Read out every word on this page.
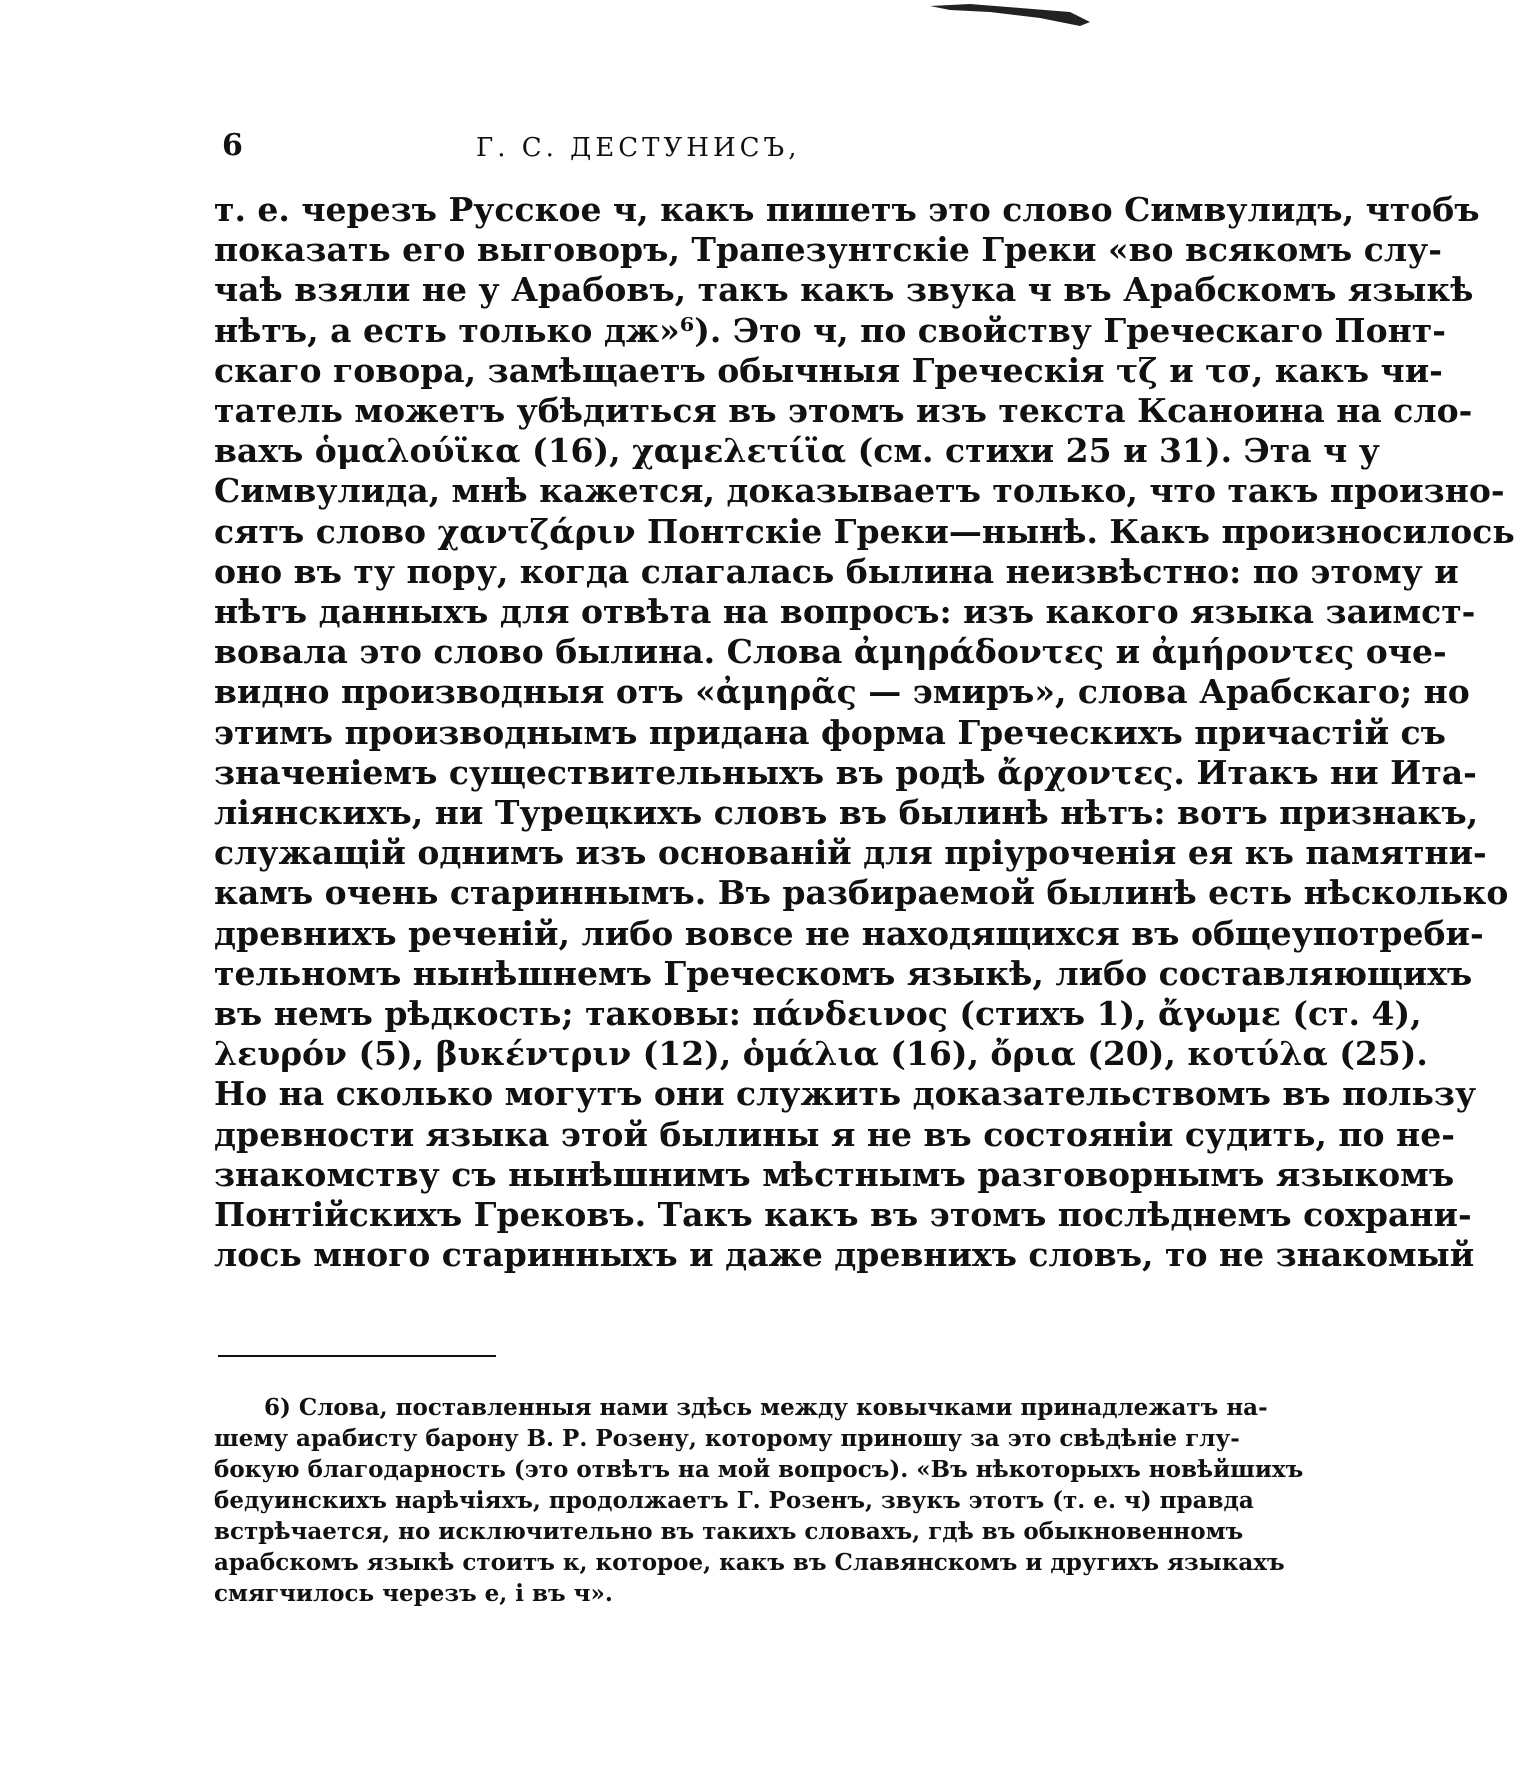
6	Г. С. ДЕСТУНИСЪ,
т. е. черезъ Русское ч, какъ пишетъ это слово Симвулидъ, чтобъ
показать его выговоръ, Трапезунтскіе Греки «во всякомъ слу-
чаѣ взяли не у Арабовъ, такъ какъ звука ч въ Арабскомъ языкѣ
нѣтъ, а есть только дж»⁶). Это ч, по свойству Греческаго Понт-
скаго говора, замѣщаетъ обычныя Греческія τζ и τσ, какъ чи-
татель можетъ убѣдиться въ этомъ изъ текста Ксаноина на сло-
вахъ ὁμαλούϊκα (16), χαμελετίϊα (см. стихи 25 и 31). Эта ч у
Симвулида, мнѣ кажется, доказываетъ только, что такъ произно-
сятъ слово χαντζάριν Понтскіе Греки—нынѣ. Какъ произносилось
оно въ ту пору, когда слагалась былина неизвѣстно: по этому и
нѣтъ данныхъ для отвѣта на вопросъ: изъ какого языка заимст-
вовала это слово былина. Слова ἀμηράδοντες и ἀμήροντες оче-
видно производныя отъ «ἀμηρᾶς — эмиръ», слова Арабскаго; но
этимъ производнымъ придана форма Греческихъ причастій съ
значеніемъ существительныхъ въ родѣ ἄρχοντες. Итакъ ни Ита-
ліянскихъ, ни Турецкихъ словъ въ былинѣ нѣтъ: вотъ признакъ,
служащій однимъ изъ основаній для пріуроченія ея къ памятни-
камъ очень стариннымъ. Въ разбираемой былинѣ есть нѣсколько
древнихъ реченій, либо вовсе не находящихся въ общеупотреби-
тельномъ нынѣшнемъ Греческомъ языкѣ, либо составляющихъ
въ немъ рѣдкость; таковы: πάνδεινος (стихъ 1), ἄγωμε (ст. 4),
λευρόν (5), βυκέντριν (12), ὁμάλια (16), ὄρια (20), κοτύλα (25).
Но на сколько могутъ они служить доказательствомъ въ пользу
древности языка этой былины я не въ состояніи судить, по не-
знакомству съ нынѣшнимъ мѣстнымъ разговорнымъ языкомъ
Понтійскихъ Грековъ. Такъ какъ въ этомъ послѣднемъ сохрани-
лось много старинныхъ и даже древнихъ словъ, то не знакомый
6) Слова, поставленныя нами здѣсь между ковычками принадлежатъ на-
шему арабисту барону В. Р. Розену, которому приношу за это свѣдѣніе глу-
бокую благодарность (это отвѣтъ на мой вопросъ). «Въ нѣкоторыхъ новѣйшихъ
бедуинскихъ нарѣчіяхъ, продолжаетъ Г. Розенъ, звукъ этотъ (т. е. ч) правда
встрѣчается, но исключительно въ такихъ словахъ, гдѣ въ обыкновенномъ
арабскомъ языкѣ стоитъ к, которое, какъ въ Славянскомъ и другихъ языкахъ
смягчилось черезъ е, і въ ч».
